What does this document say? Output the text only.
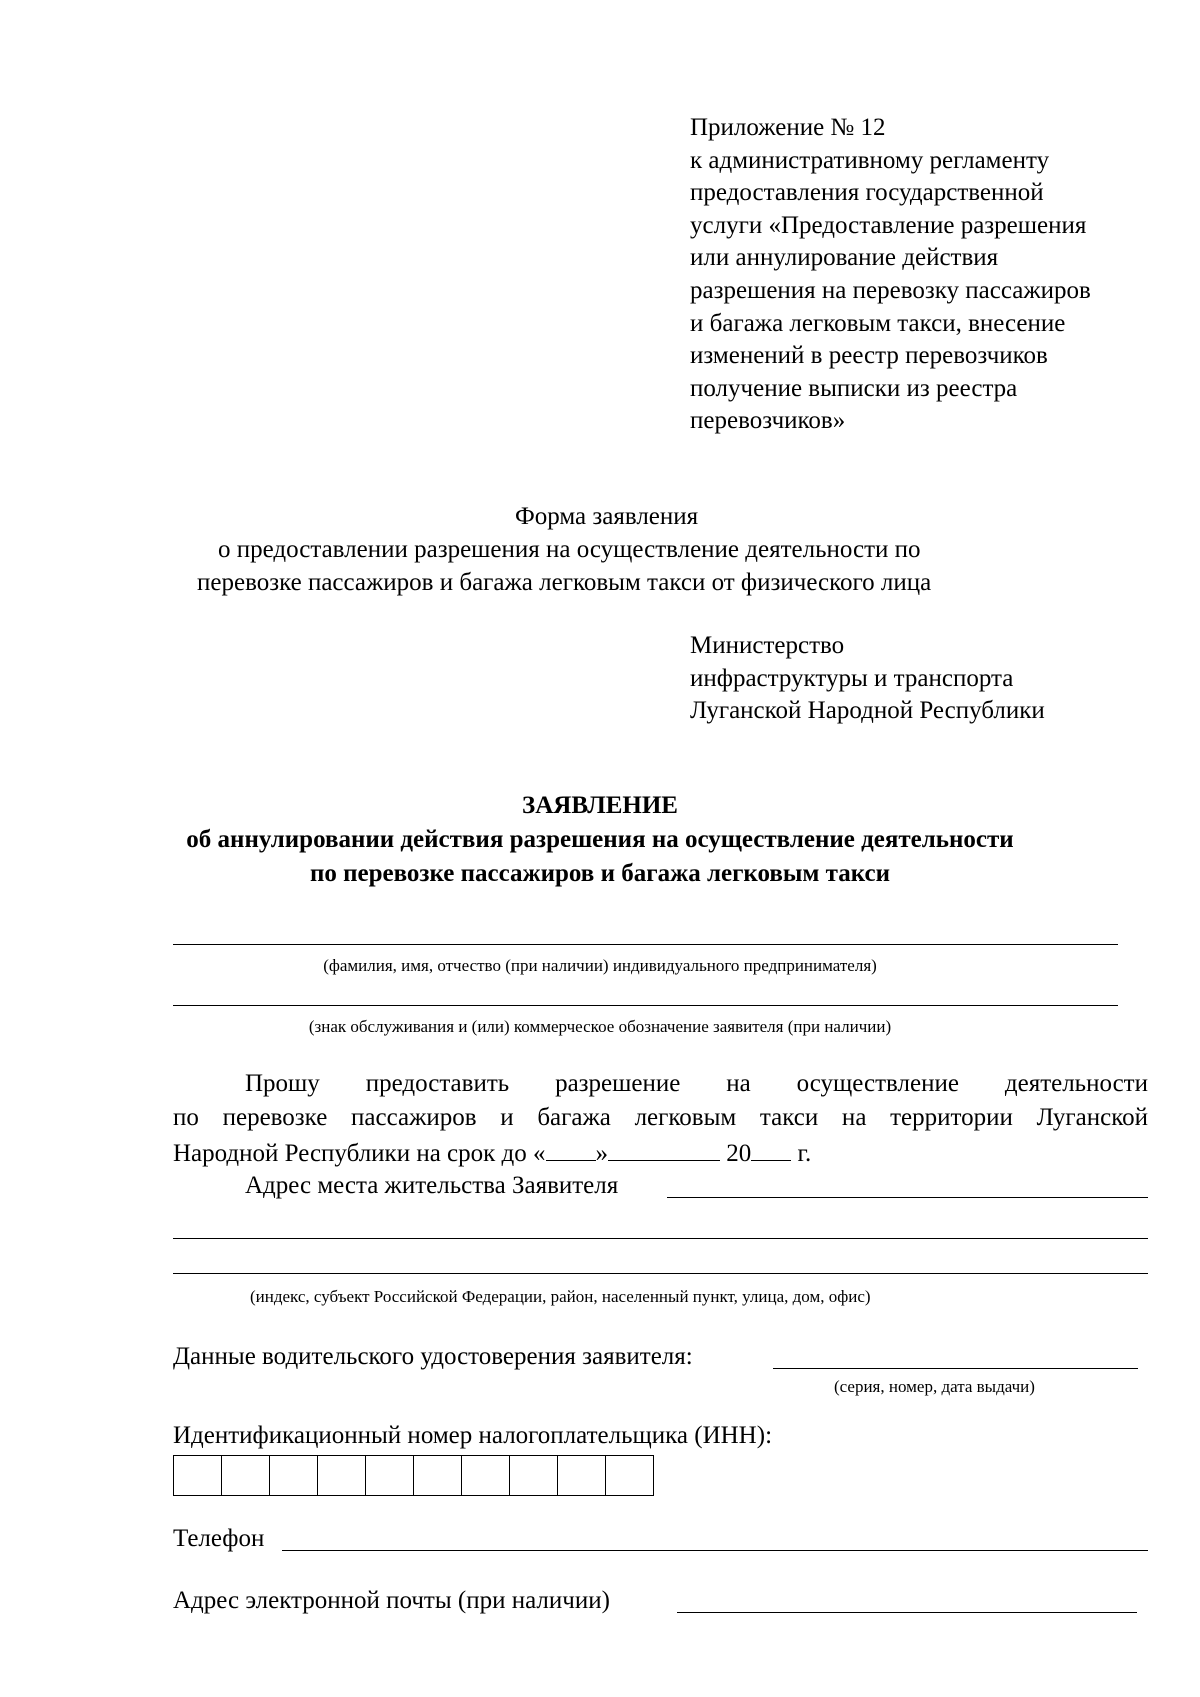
Приложение № 12
к административному регламенту
предоставления государственной
услуги «Предоставление разрешения
или аннулирование действия
разрешения на перевозку пассажиров
и багажа легковым такси, внесение
изменений в реестр перевозчиков
получение выписки из реестра
перевозчиков»
Форма заявления
о предоставлении разрешения на осуществление деятельности по
перевозке пассажиров и багажа легковым такси от физического лица
Министерство
инфраструктуры и транспорта
Луганской Народной Республики
ЗАЯВЛЕНИЕ
об аннулировании действия разрешения на осуществление деятельности
по перевозке пассажиров и багажа легковым такси
(фамилия, имя, отчество (при наличии) индивидуального предпринимателя)
(знак обслуживания и (или) коммерческое обозначение заявителя (при наличии)
Прошу предоставить разрешение на осуществление деятельности
по перевозке пассажиров и багажа легковым такси на территории Луганской
Народной Республики на срок до « »	20 г.
Адрес места жительства Заявителя
(индекс, субъект Российской Федерации, район, населенный пункт, улица, дом, офис)
Данные водительского удостоверения заявителя:
(серия, номер, дата выдачи)
Идентификационный номер налогоплательщика (ИНН):
Телефон
Адрес электронной почты (при наличии)
